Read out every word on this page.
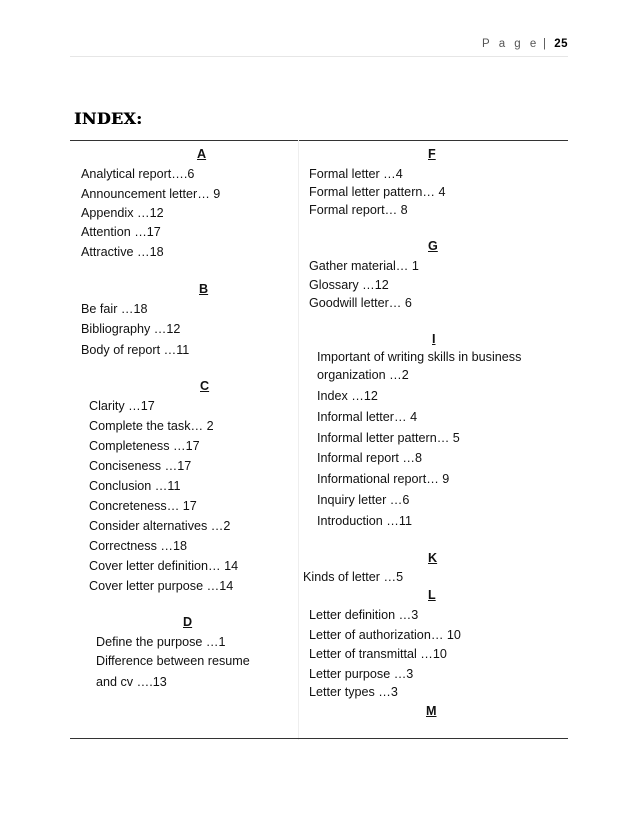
P a g e | 25
INDEX:
A
Analytical report….6
Announcement letter… 9
Appendix …12
Attention …17
Attractive …18
B
Be fair …18
Bibliography …12
Body of report …11
C
Clarity …17
Complete the task… 2
Completeness …17
Conciseness …17
Conclusion …11
Concreteness… 17
Consider alternatives …2
Correctness …18
Cover letter definition… 14
Cover letter purpose …14
D
Define the purpose …1
Difference between resume
and cv ….13
F
Formal letter …4
Formal letter pattern… 4
Formal report… 8
G
Gather material… 1
Glossary …12
Goodwill letter… 6
I
Important of writing skills in business
organization …2
Index …12
Informal letter… 4
Informal letter pattern… 5
Informal report …8
Informational report… 9
Inquiry letter …6
Introduction …11
K
Kinds of letter …5
L
Letter definition …3
Letter of authorization… 10
Letter of transmittal …10
Letter purpose …3
Letter types …3
M
